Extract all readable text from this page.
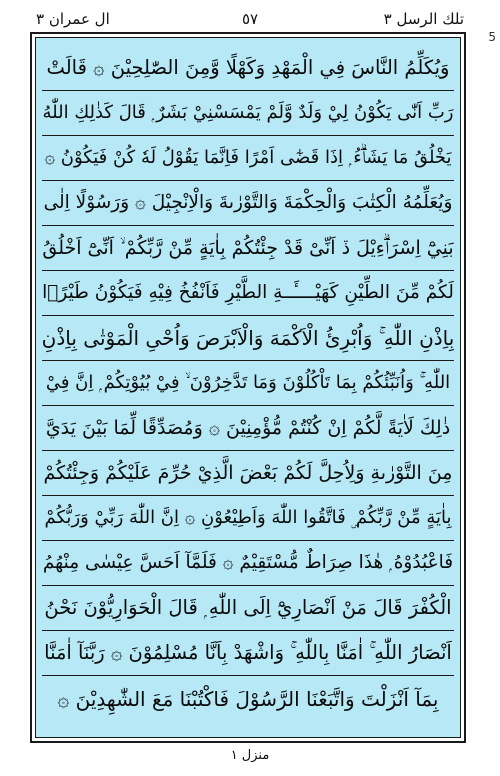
تلك الرسل ٣
٥٧
ال عمران ٣
5
وَيُكَلِّمُ النَّاسَ فِي الْمَهْدِ وَكَهْلًا وَّمِنَ الصّٰلِحِيْنَ ۞ قَالَتْ
رَبِّ اَنّٰى يَكُوْنُ لِيْ وَلَدٌ وَّلَمْ يَمْسَسْنِيْ بَشَرٌ ۭ قَالَ كَذٰلِكِ اللّٰهُ
يَخْلُقُ مَا يَشَاۗءُ ۭ اِذَا قَضٰٓى اَمْرًا فَاِنَّمَا يَقُوْلُ لَهٗ كُنْ فَيَكُوْنُ ۞
وَيُعَلِّمُهُ الْكِتٰبَ وَالْحِكْمَةَ وَالتَّوْرٰىةَ وَالْاِنْجِيْلَ ۞ وَرَسُوْلًا اِلٰى
بَنِيْٓ اِسْرَاۗءِيْلَ ڏ اَنِّىْ قَدْ جِئْتُكُمْ بِاٰيَةٍ مِّنْ رَّبِّكُمْ ۙ اَنِّىْٓ اَخْلُقُ
لَكُمْ مِّنَ الطِّيْنِ كَهَيْــــَٔــةِ الطَّيْرِ فَاَنْفُخُ فِيْهِ فَيَكُوْنُ طَيْرًۢا
بِاِذْنِ اللّٰهِ ۚ وَاُبْرِئُ الْاَكْمَهَ وَالْاَبْرَصَ وَاُحْىِ الْمَوْتٰى بِاِذْنِ
اللّٰهِ ۚ وَاُنَبِّئُكُمْ بِمَا تَاْكُلُوْنَ وَمَا تَدَّخِرُوْنَ ۙ فِيْ بُيُوْتِكُمْ ۭ اِنَّ فِيْ
ذٰلِكَ لَاٰيَةً لَّكُمْ اِنْ كُنْتُمْ مُّؤْمِنِيْنَ ۞ وَمُصَدِّقًا لِّمَا بَيْنَ يَدَيَّ
مِنَ التَّوْرٰىةِ وَلِاُحِلَّ لَكُمْ بَعْضَ الَّذِيْ حُرِّمَ عَلَيْكُمْ وَجِئْتُكُمْ
بِاٰيَةٍ مِّنْ رَّبِّكُمْ ۣ فَاتَّقُوا اللّٰهَ وَاَطِيْعُوْنِ ۞ اِنَّ اللّٰهَ رَبِّيْ وَرَبُّكُمْ
فَاعْبُدُوْهُ ۭ ھٰذَا صِرَاطٌ مُّسْتَقِيْمٌ ۞ فَلَمَّآ اَحَسَّ عِيْسٰى مِنْهُمُ
الْكُفْرَ قَالَ مَنْ اَنْصَارِيْٓ اِلَى اللّٰهِ ۭ قَالَ الْحَوَارِيُّوْنَ نَحْنُ
اَنْصَارُ اللّٰهِ ۚ اٰمَنَّا بِاللّٰهِ ۚ وَاشْهَدْ بِاَنَّا مُسْلِمُوْنَ ۞ رَبَّنَآ اٰمَنَّا
بِمَآ اَنْزَلْتَ وَاتَّبَعْنَا الرَّسُوْلَ فَاكْتُبْنَا مَعَ الشّٰهِدِيْنَ ۞
منزل ١
